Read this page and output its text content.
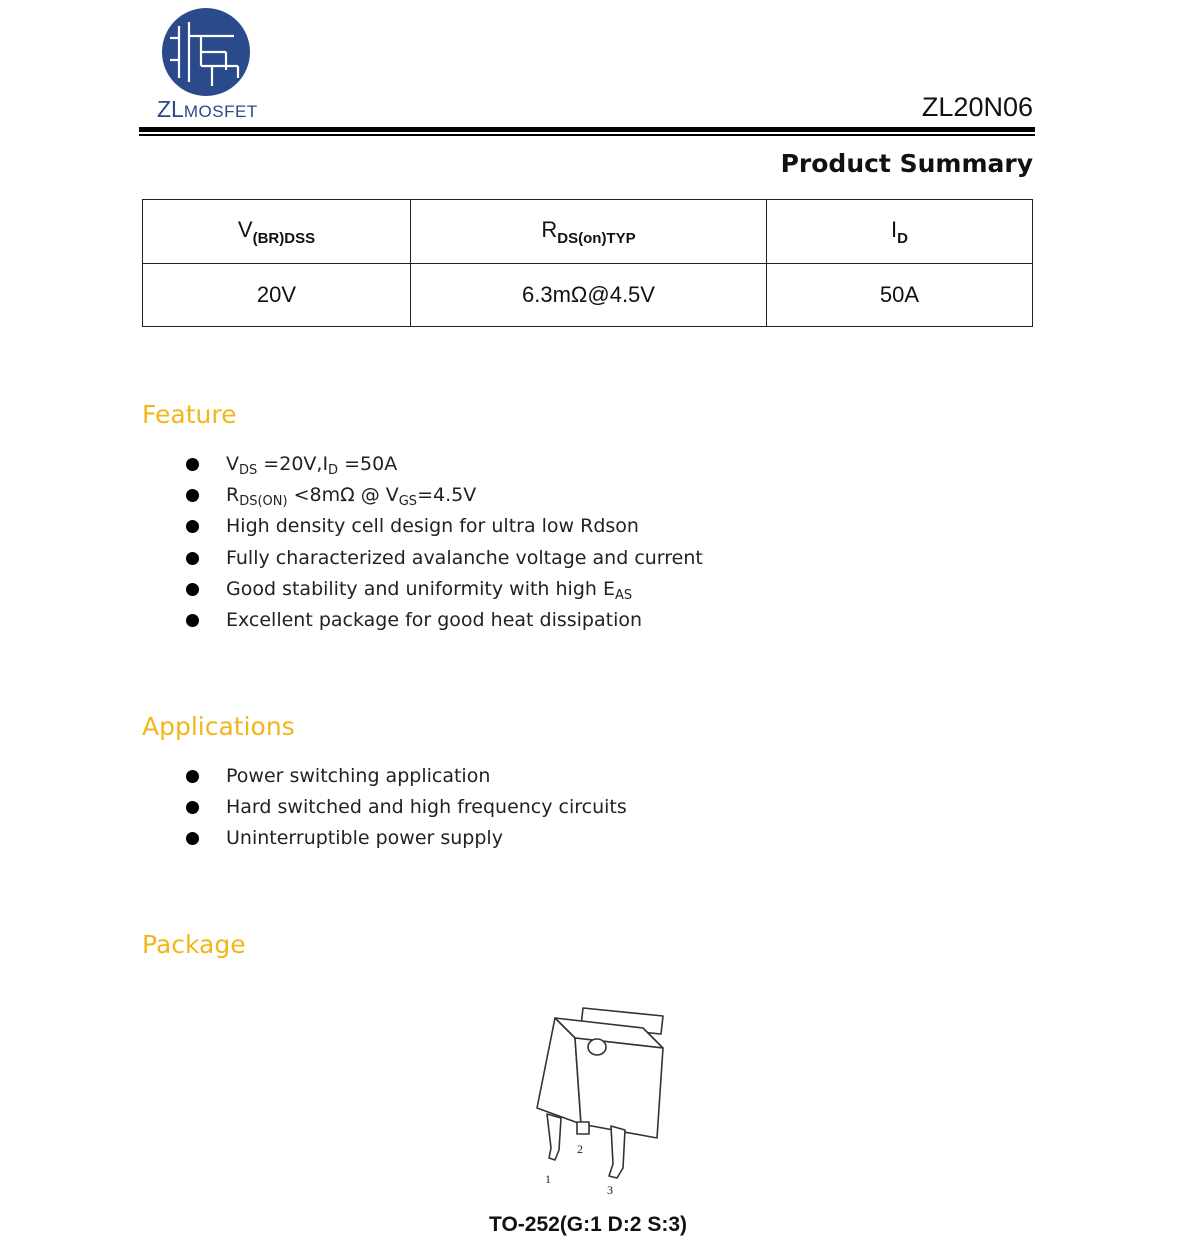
ZLMOSFET	ZL20N06
Product Summary
$V_{(BR)DSS}$	$R_{DS(on)TYP}$	$I_D$
20V	6.3mΩ@4.5V	50A
Feature
$V_{DS} =20V,I_D =50A$
$R_{DS(ON)} <8m\Omega$ @ $V_{GS}=4.5V$
High density cell design for ultra low Rdson
Fully characterized avalanche voltage and current
Good stability and uniformity with high $E_{AS}$
Excellent package for good heat dissipation
Applications
Power switching application
Hard switched and high frequency circuits
Uninterruptible power supply
Package
1
2
3
TO-252(G:1 D:2 S:3)
